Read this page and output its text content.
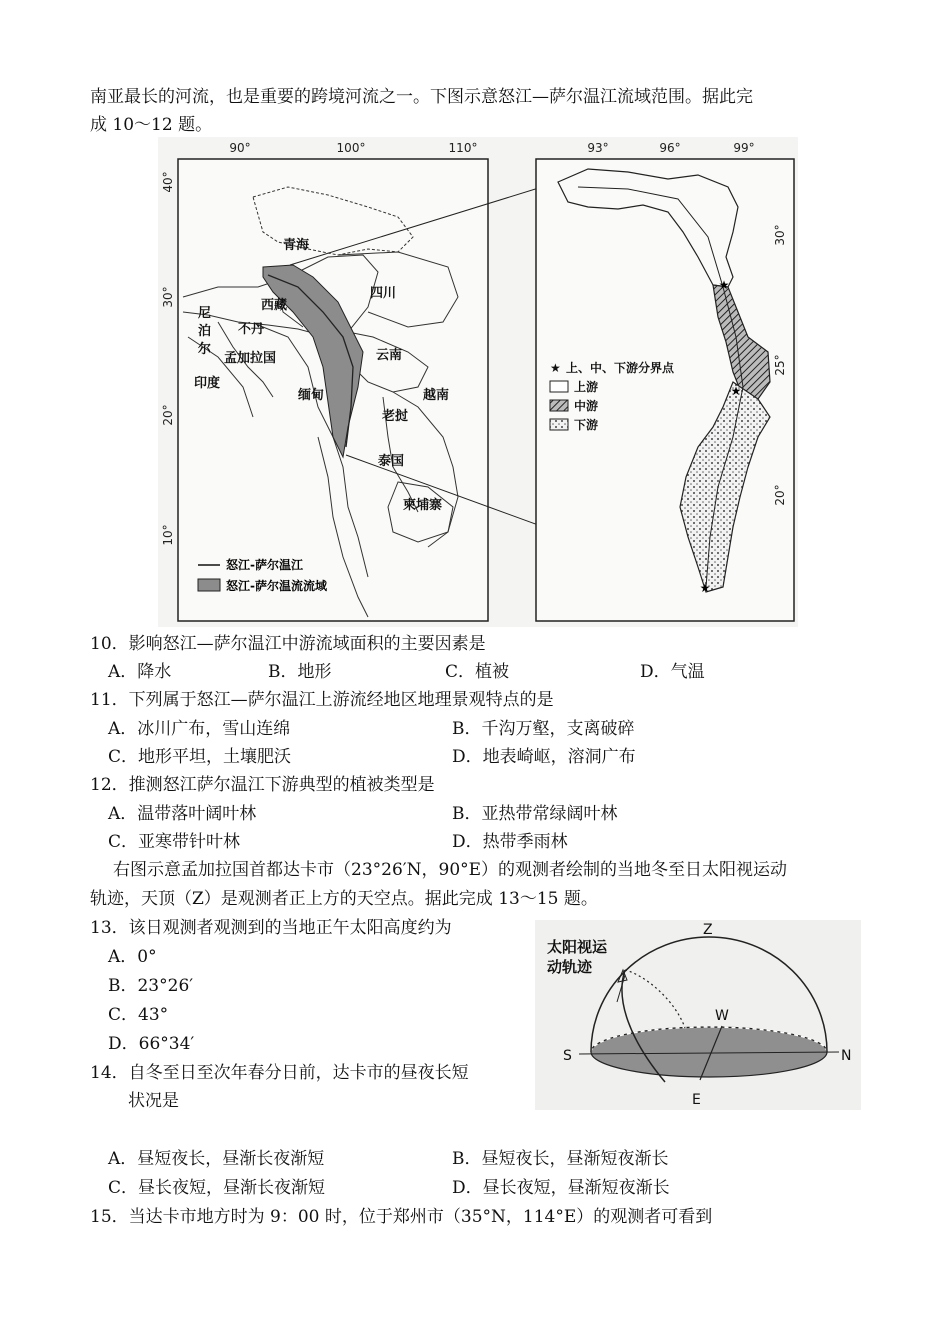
南亚最长的河流，也是重要的跨境河流之一。下图示意怒江—萨尔温江流域范围。据此完
成 10～12 题。
90°	100°	110°
40°
30°
20°
10°
青海
西藏
四川
尼
泊
尔
不丹
孟加拉国
印度
云南
缅甸	越南
老挝
泰国
柬埔寨
怒江-萨尔温江
怒江-萨尔温流流域
93°	96°	99°
30°
25°
20°
★
★
★
★ 上、中、下游分界点
上游
中游
下游
10．影响怒江—萨尔温江中游流域面积的主要因素是
A．降水	B．地形	C．植被	D．气温
11．下列属于怒江—萨尔温江上游流经地区地理景观特点的是
A．冰川广布，雪山连绵	B．千沟万壑，支离破碎
C．地形平坦，土壤肥沃	D．地表崎岖，溶洞广布
12．推测怒江萨尔温江下游典型的植被类型是
A．温带落叶阔叶林	B．亚热带常绿阔叶林
C．亚寒带针叶林	D．热带季雨林
右图示意孟加拉国首都达卡市（23°26′N，90°E）的观测者绘制的当地冬至日太阳视运动
轨迹，天顶（Z）是观测者正上方的天空点。据此完成 13～15 题。
13．该日观测者观测到的当地正午太阳高度约为
A．0°
B．23°26′
C．43°
D．66°34′
14．自冬至日至次年春分日前，达卡市的昼夜长短
状况是
A．昼短夜长，昼渐长夜渐短	B．昼短夜长，昼渐短夜渐长
C．昼长夜短，昼渐长夜渐短	D．昼长夜短，昼渐短夜渐长
15．当达卡市地方时为 9：00 时，位于郑州市（35°N，114°E）的观测者可看到
太阳视运
动轨迹
Z
W
S	N
E
